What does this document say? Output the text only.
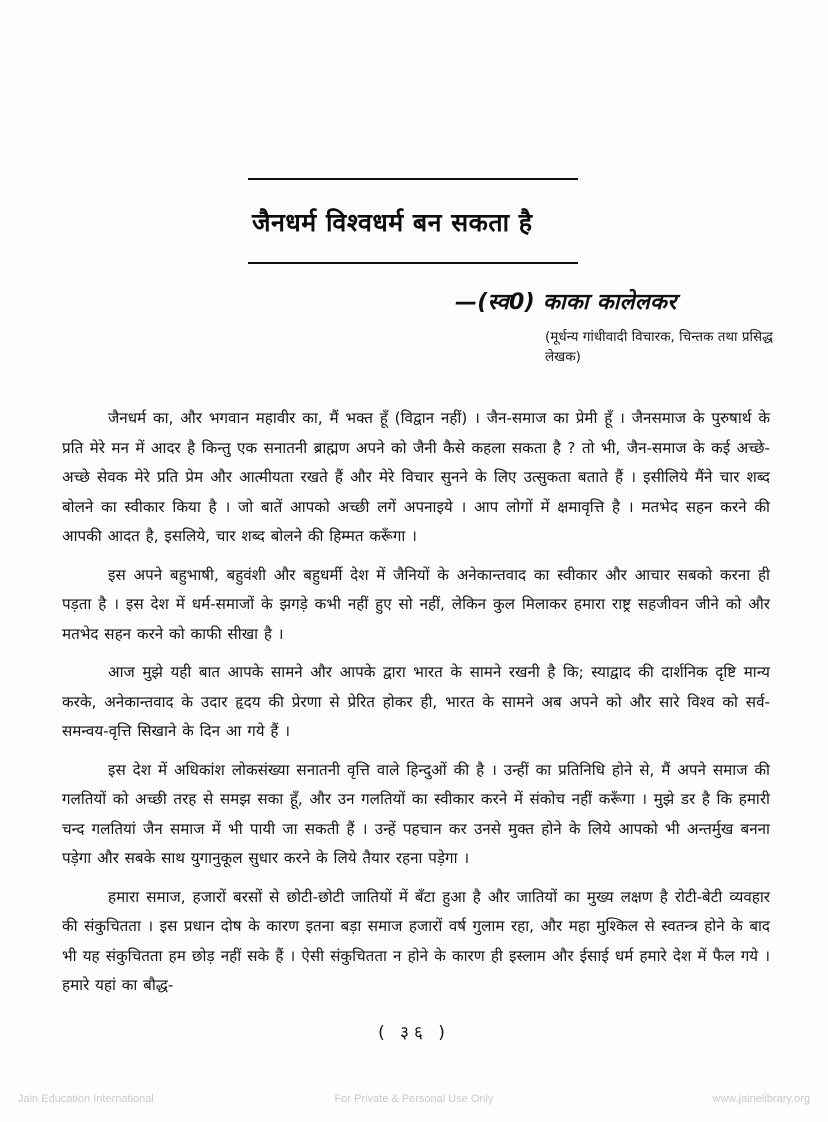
जैनधर्म विश्वधर्म बन सकता है
—(स्व0) काका कालेलकर
(मूर्धन्य गांधीवादी विचारक, चिन्तक तथा प्रसिद्ध लेखक)

जैनधर्म का, और भगवान महावीर का, मैं भक्त हूँ (विद्वान नहीं) । जैन-समाज का प्रेमी हूँ । जैनसमाज के पुरुषार्थ के प्रति मेरे मन में आदर है किन्तु एक सनातनी ब्राह्मण अपने को जैनी कैसे कहला सकता है ? तो भी, जैन-समाज के कई अच्छे-अच्छे सेवक मेरे प्रति प्रेम और आत्मीयता रखते हैं और मेरे विचार सुनने के लिए उत्सुकता बताते हैं । इसीलिये मैंने चार शब्द बोलने का स्वीकार किया है । जो बातें आपको अच्छी लगें अपनाइये । आप लोगों में क्षमावृत्ति है । मतभेद सहन करने की आपकी आदत है, इसलिये, चार शब्द बोलने की हिम्मत करूँगा ।

इस अपने बहुभाषी, बहुवंशी और बहुधर्मी देश में जैनियों के अनेकान्तवाद का स्वीकार और आचार सबको करना ही पड़ता है । इस देश में धर्म-समाजों के झगड़े कभी नहीं हुए सो नहीं, लेकिन कुल मिलाकर हमारा राष्ट्र सहजीवन जीने को और मतभेद सहन करने को काफी सीखा है ।

आज मुझे यही बात आपके सामने और आपके द्वारा भारत के सामने रखनी है कि; स्याद्वाद की दार्शनिक दृष्टि मान्य करके, अनेकान्तवाद के उदार हृदय की प्रेरणा से प्रेरित होकर ही, भारत के सामने अब अपने को और सारे विश्व को सर्व-समन्वय-वृत्ति सिखाने के दिन आ गये हैं ।

इस देश में अधिकांश लोकसंख्या सनातनी वृत्ति वाले हिन्दुओं की है । उन्हीं का प्रतिनिधि होने से, मैं अपने समाज की गलतियों को अच्छी तरह से समझ सका हूँ, और उन गलतियों का स्वीकार करने में संकोच नहीं करूँगा । मुझे डर है कि हमारी चन्द गलतियां जैन समाज में भी पायी जा सकती हैं । उन्हें पहचान कर उनसे मुक्त होने के लिये आपको भी अन्तर्मुख बनना पड़ेगा और सबके साथ युगानुकूल सुधार करने के लिये तैयार रहना पड़ेगा ।

हमारा समाज, हजारों बरसों से छोटी-छोटी जातियों में बँटा हुआ है और जातियों का मुख्य लक्षण है रोटी-बेटी व्यवहार की संकुचितता । इस प्रधान दोष के कारण इतना बड़ा समाज हजारों वर्ष गुलाम रहा, और महा मुश्किल से स्वतन्त्र होने के बाद भी यह संकुचितता हम छोड़ नहीं सके हैं । ऐसी संकुचितता न होने के कारण ही इस्लाम और ईसाई धर्म हमारे देश में फैल गये । हमारे यहां का बौद्ध-

( ३६ )
Jain Education International	For Private & Personal Use Only	www.jainelibrary.org
